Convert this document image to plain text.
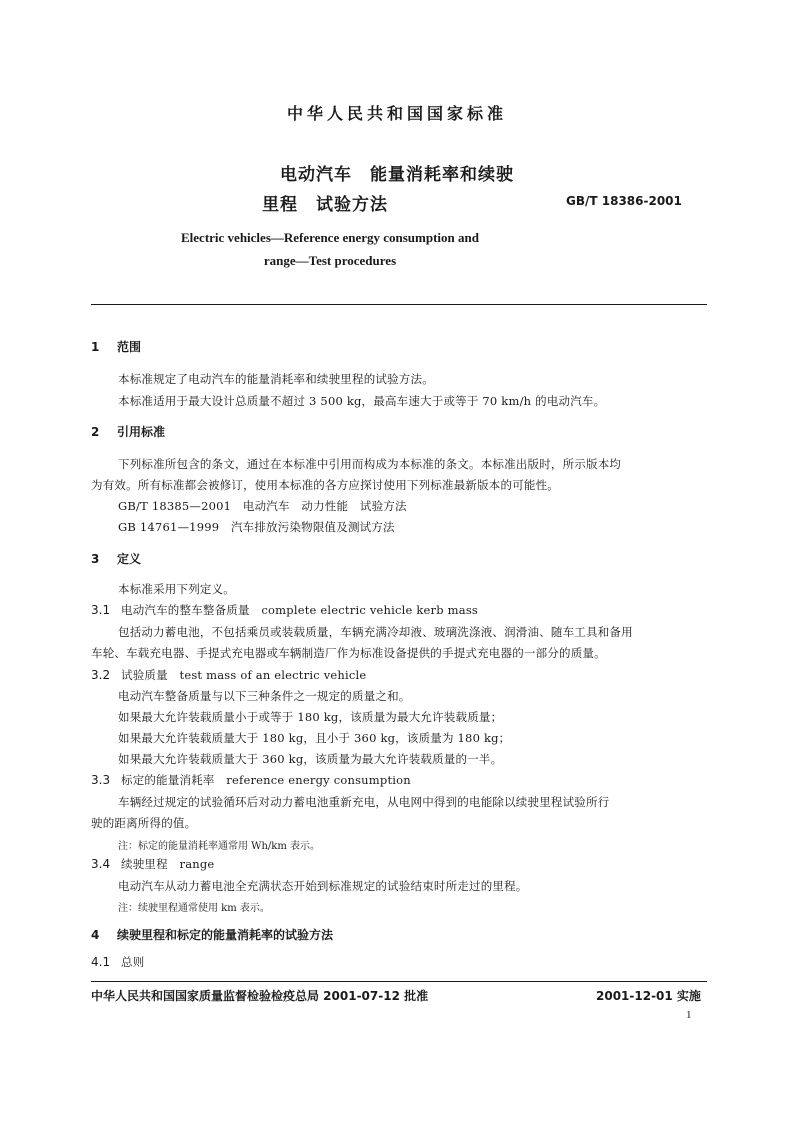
中华人民共和国国家标准
电动汽车　能量消耗率和续驶
里程　试验方法	GB/T 18386-2001
Electric vehicles—Reference energy consumption and
range—Test procedures
1 范围
本标准规定了电动汽车的能量消耗率和续驶里程的试验方法。
本标准适用于最大设计总质量不超过 3 500 kg，最高车速大于或等于 70 km/h 的电动汽车。
2 引用标准
下列标准所包含的条文，通过在本标准中引用而构成为本标准的条文。本标准出版时，所示版本均
为有效。所有标准都会被修订，使用本标准的各方应探讨使用下列标准最新版本的可能性。
GB/T 18385—2001　电动汽车　动力性能　试验方法
GB 14761—1999　汽车排放污染物限值及测试方法
3 定义
本标准采用下列定义。
3.1 电动汽车的整车整备质量　complete electric vehicle kerb mass
包括动力蓄电池，不包括乘员或装载质量，车辆充满冷却液、玻璃洗涤液、润滑油、随车工具和备用
车轮、车载充电器、手提式充电器或车辆制造厂作为标准设备提供的手提式充电器的一部分的质量。
3.2 试验质量　test mass of an electric vehicle
电动汽车整备质量与以下三种条件之一规定的质量之和。
如果最大允许装载质量小于或等于 180 kg，该质量为最大允许装载质量；
如果最大允许装载质量大于 180 kg，且小于 360 kg，该质量为 180 kg；
如果最大允许装载质量大于 360 kg，该质量为最大允许装载质量的一半。
3.3 标定的能量消耗率　reference energy consumption
车辆经过规定的试验循环后对动力蓄电池重新充电，从电网中得到的电能除以续驶里程试验所行
驶的距离所得的值。
注：标定的能量消耗率通常用 Wh/km 表示。
3.4 续驶里程　range
电动汽车从动力蓄电池全充满状态开始到标准规定的试验结束时所走过的里程。
注：续驶里程通常使用 km 表示。
4 续驶里程和标定的能量消耗率的试验方法
4.1 总则
中华人民共和国国家质量监督检验检疫总局 2001-07-12 批准	2001-12-01 实施
1
